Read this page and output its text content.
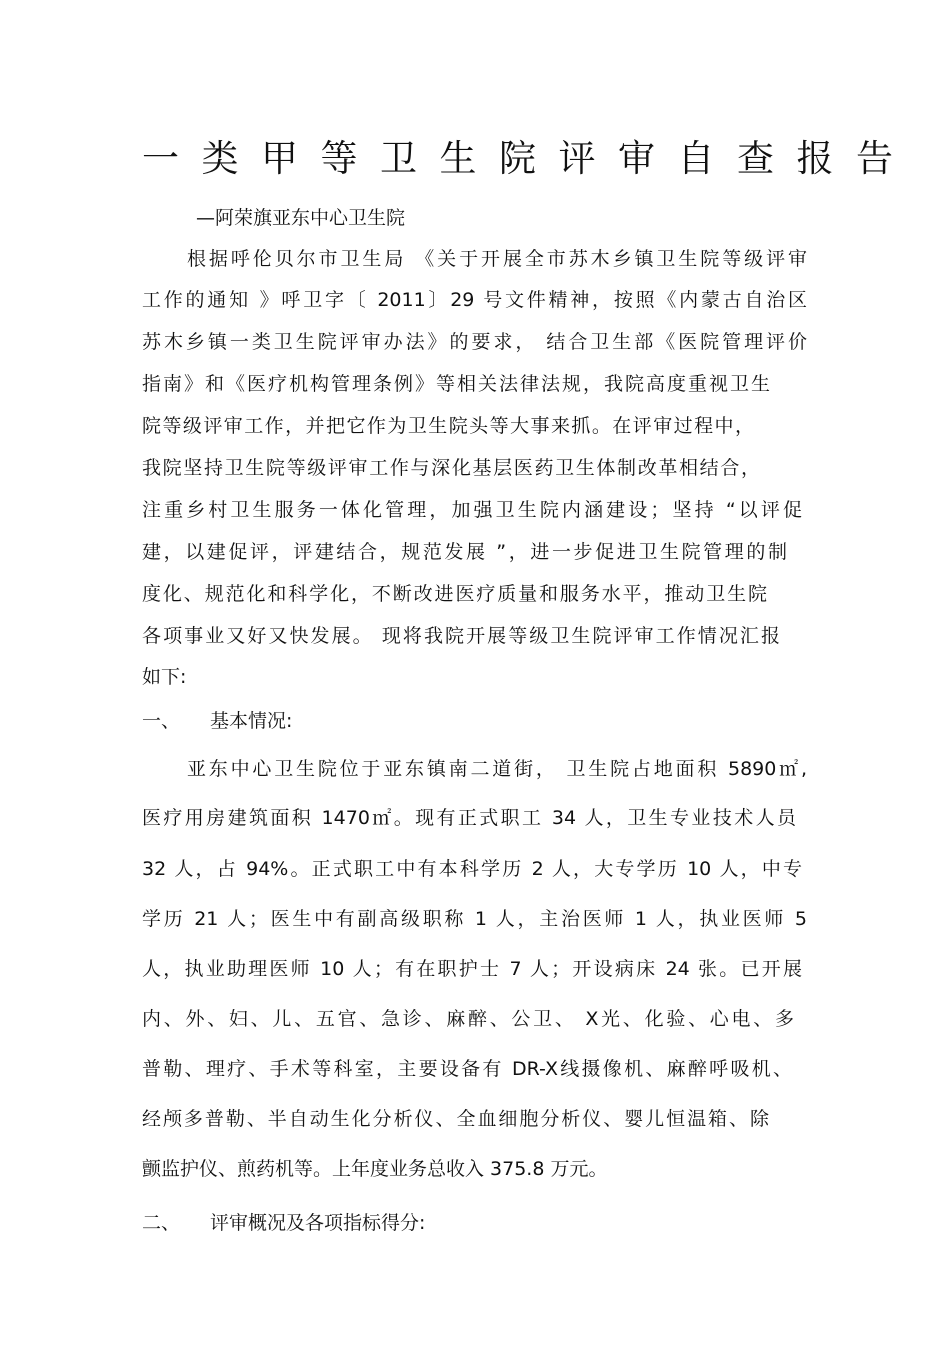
一类甲等卫生院评审自查报告
—阿荣旗亚东中心卫生院
根据呼伦贝尔市卫生局 《关于开展全市苏木乡镇卫生院等级评审
工作的通知 》呼卫字〔 2011〕29 号文件精神，按照《内蒙古自治区
苏木乡镇一类卫生院评审办法》的要求， 结合卫生部《医院管理评价
指南》和《医疗机构管理条例》等相关法律法规，我院高度重视卫生
院等级评审工作，并把它作为卫生院头等大事来抓。在评审过程中，
我院坚持卫生院等级评审工作与深化基层医药卫生体制改革相结合，
注重乡村卫生服务一体化管理，加强卫生院内涵建设；坚持 “以评促
建，以建促评，评建结合，规范发展 ”，进一步促进卫生院管理的制
度化、规范化和科学化，不断改进医疗质量和服务水平，推动卫生院
各项事业又好又快发展。 现将我院开展等级卫生院评审工作情况汇报
如下:
一、 基本情况:
亚东中心卫生院位于亚东镇南二道街， 卫生院占地面积 5890㎡,
医疗用房建筑面积 1470㎡。现有正式职工 34 人，卫生专业技术人员
32 人，占 94%。正式职工中有本科学历 2 人，大专学历 10 人，中专
学历 21 人；医生中有副高级职称 1 人，主治医师 1 人，执业医师 5
人，执业助理医师 10 人；有在职护士 7 人；开设病床 24 张。已开展
内、外、妇、儿、五官、急诊、麻醉、公卫、 X光、化验、心电、多
普勒、理疗、手术等科室，主要设备有 DR-X线摄像机、麻醉呼吸机、
经颅多普勒、半自动生化分析仪、全血细胞分析仪、婴儿恒温箱、除
颤监护仪、煎药机等。上年度业务总收入 375.8 万元。
二、 评审概况及各项指标得分:
